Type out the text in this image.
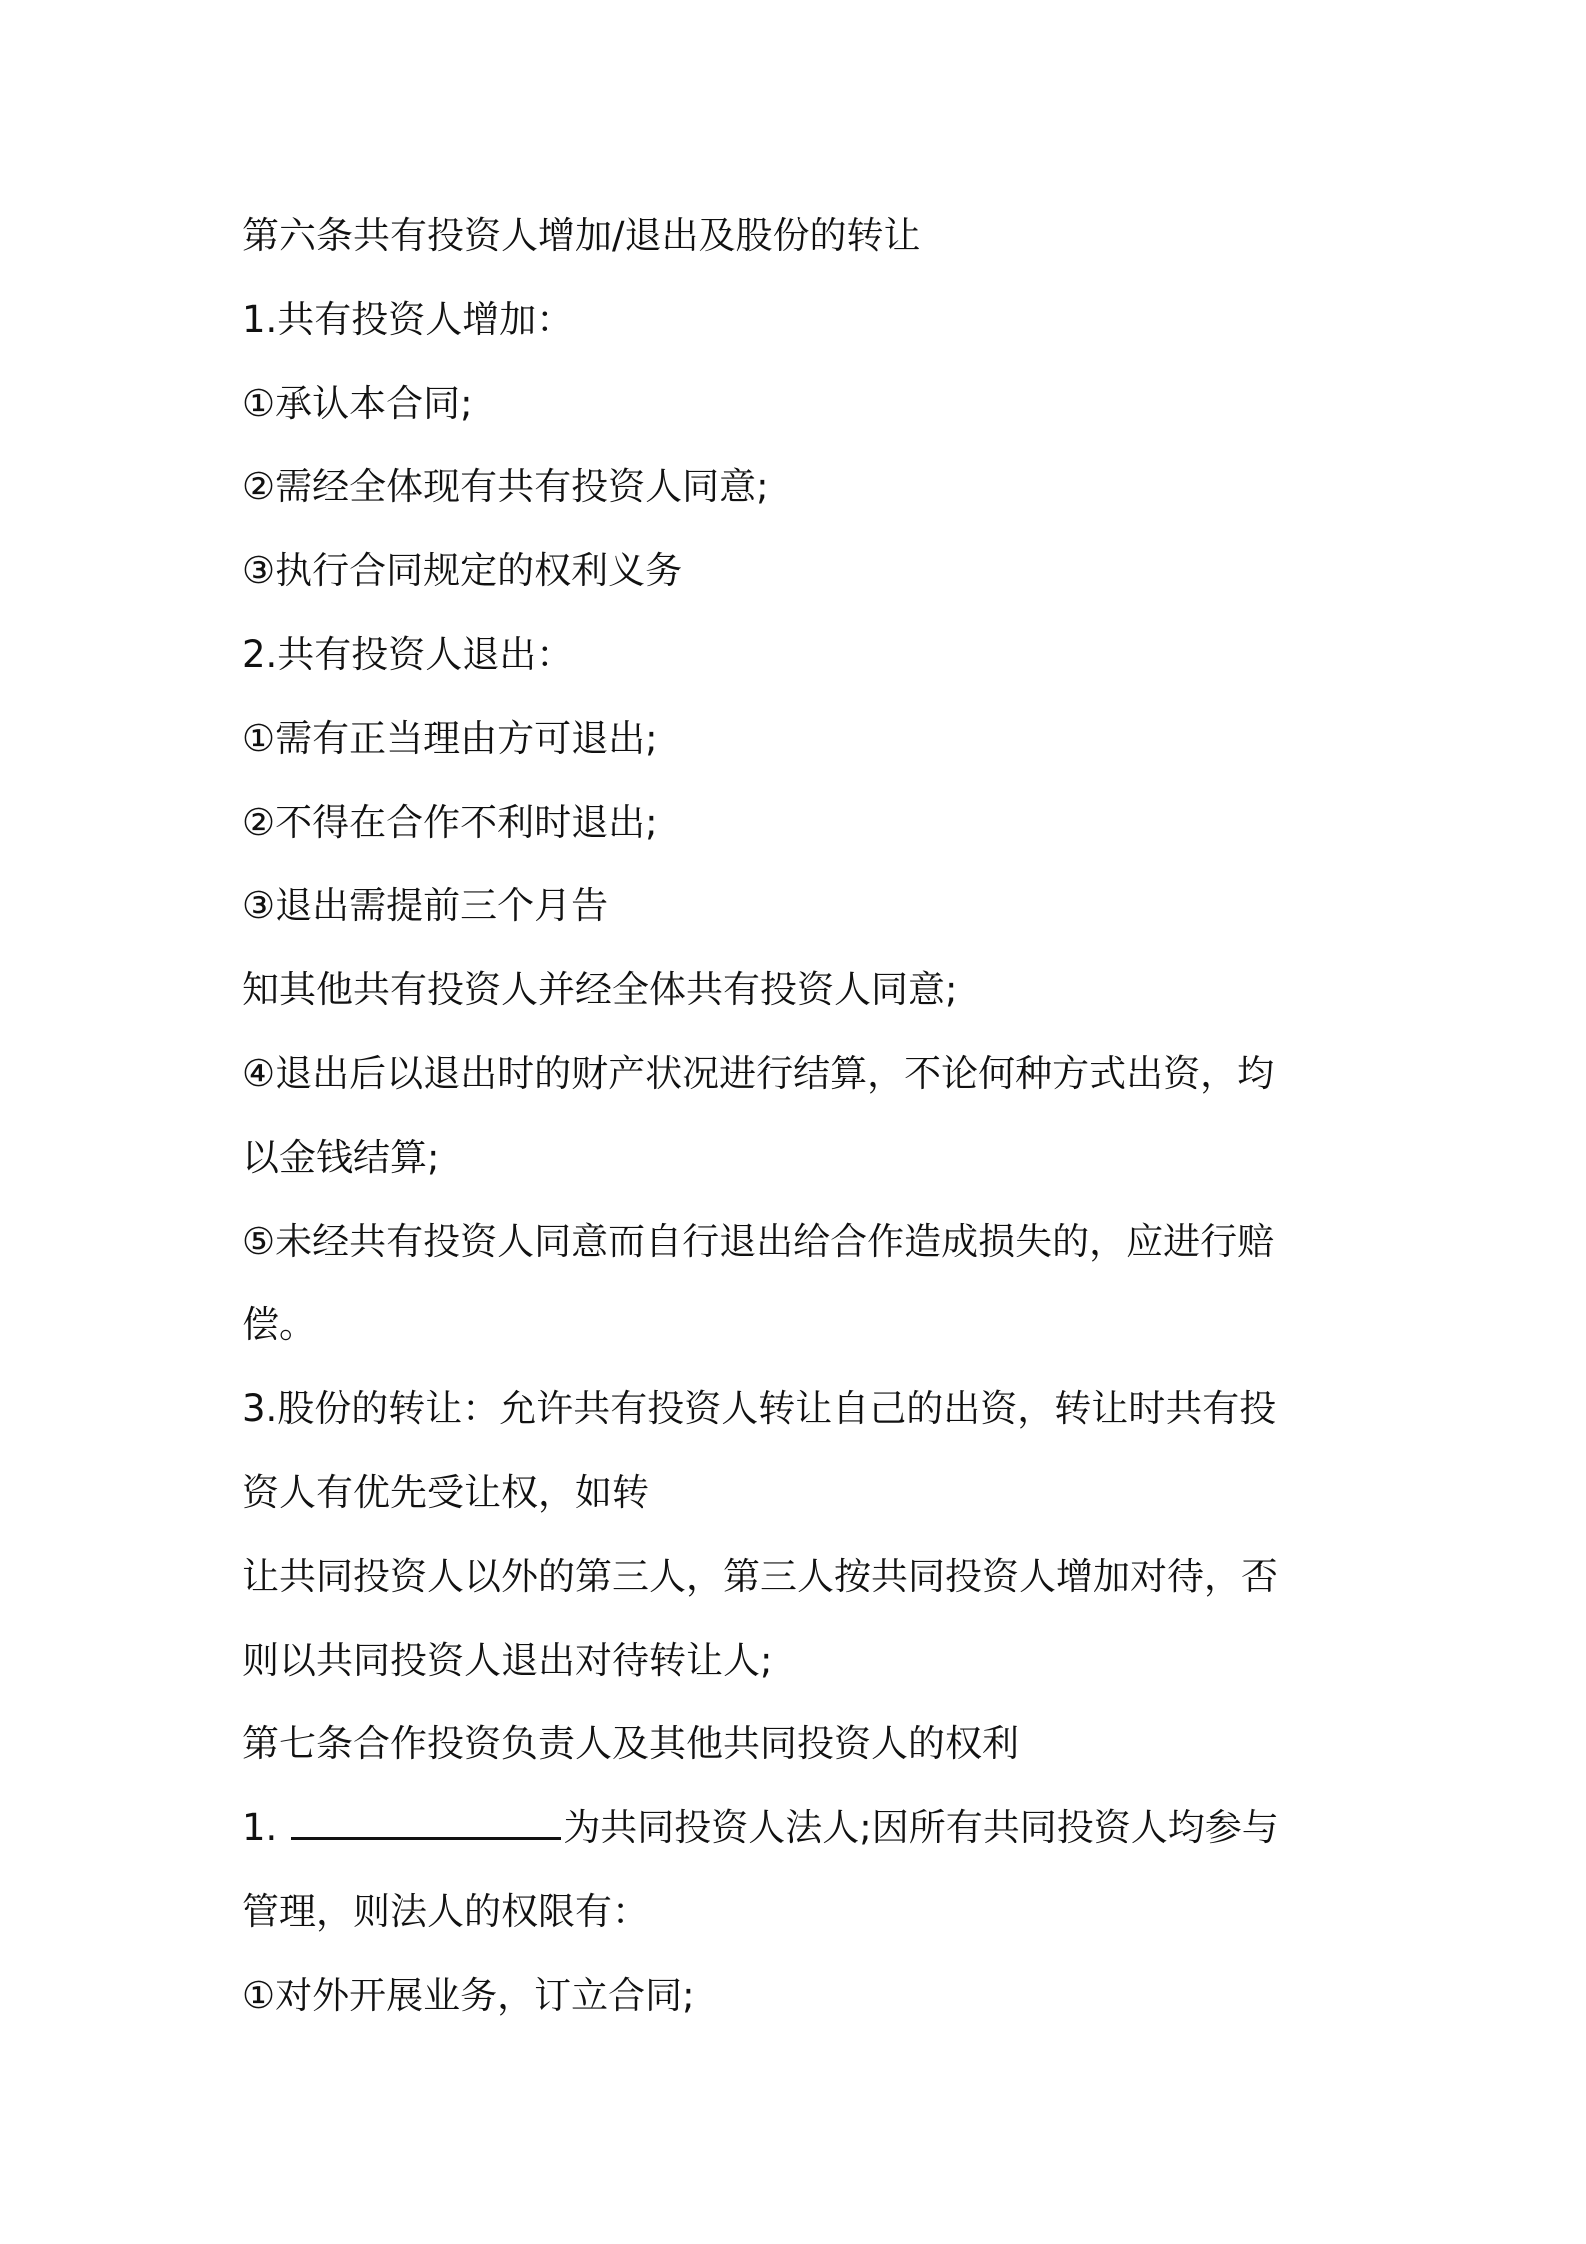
第六条共有投资人增加/退出及股份的转让
1.共有投资人增加：
①承认本合同;
②需经全体现有共有投资人同意;
③执行合同规定的权利义务
2.共有投资人退出：
①需有正当理由方可退出;
②不得在合作不利时退出;
③退出需提前三个月告
知其他共有投资人并经全体共有投资人同意;
④退出后以退出时的财产状况进行结算，不论何种方式出资，均
以金钱结算;
⑤未经共有投资人同意而自行退出给合作造成损失的，应进行赔
偿。
3.股份的转让：允许共有投资人转让自己的出资，转让时共有投
资人有优先受让权，如转
让共同投资人以外的第三人，第三人按共同投资人增加对待，否
则以共同投资人退出对待转让人;
第七条合作投资负责人及其他共同投资人的权利
1.	为共同投资人法人;因所有共同投资人均参与
管理，则法人的权限有：
①对外开展业务，订立合同;
